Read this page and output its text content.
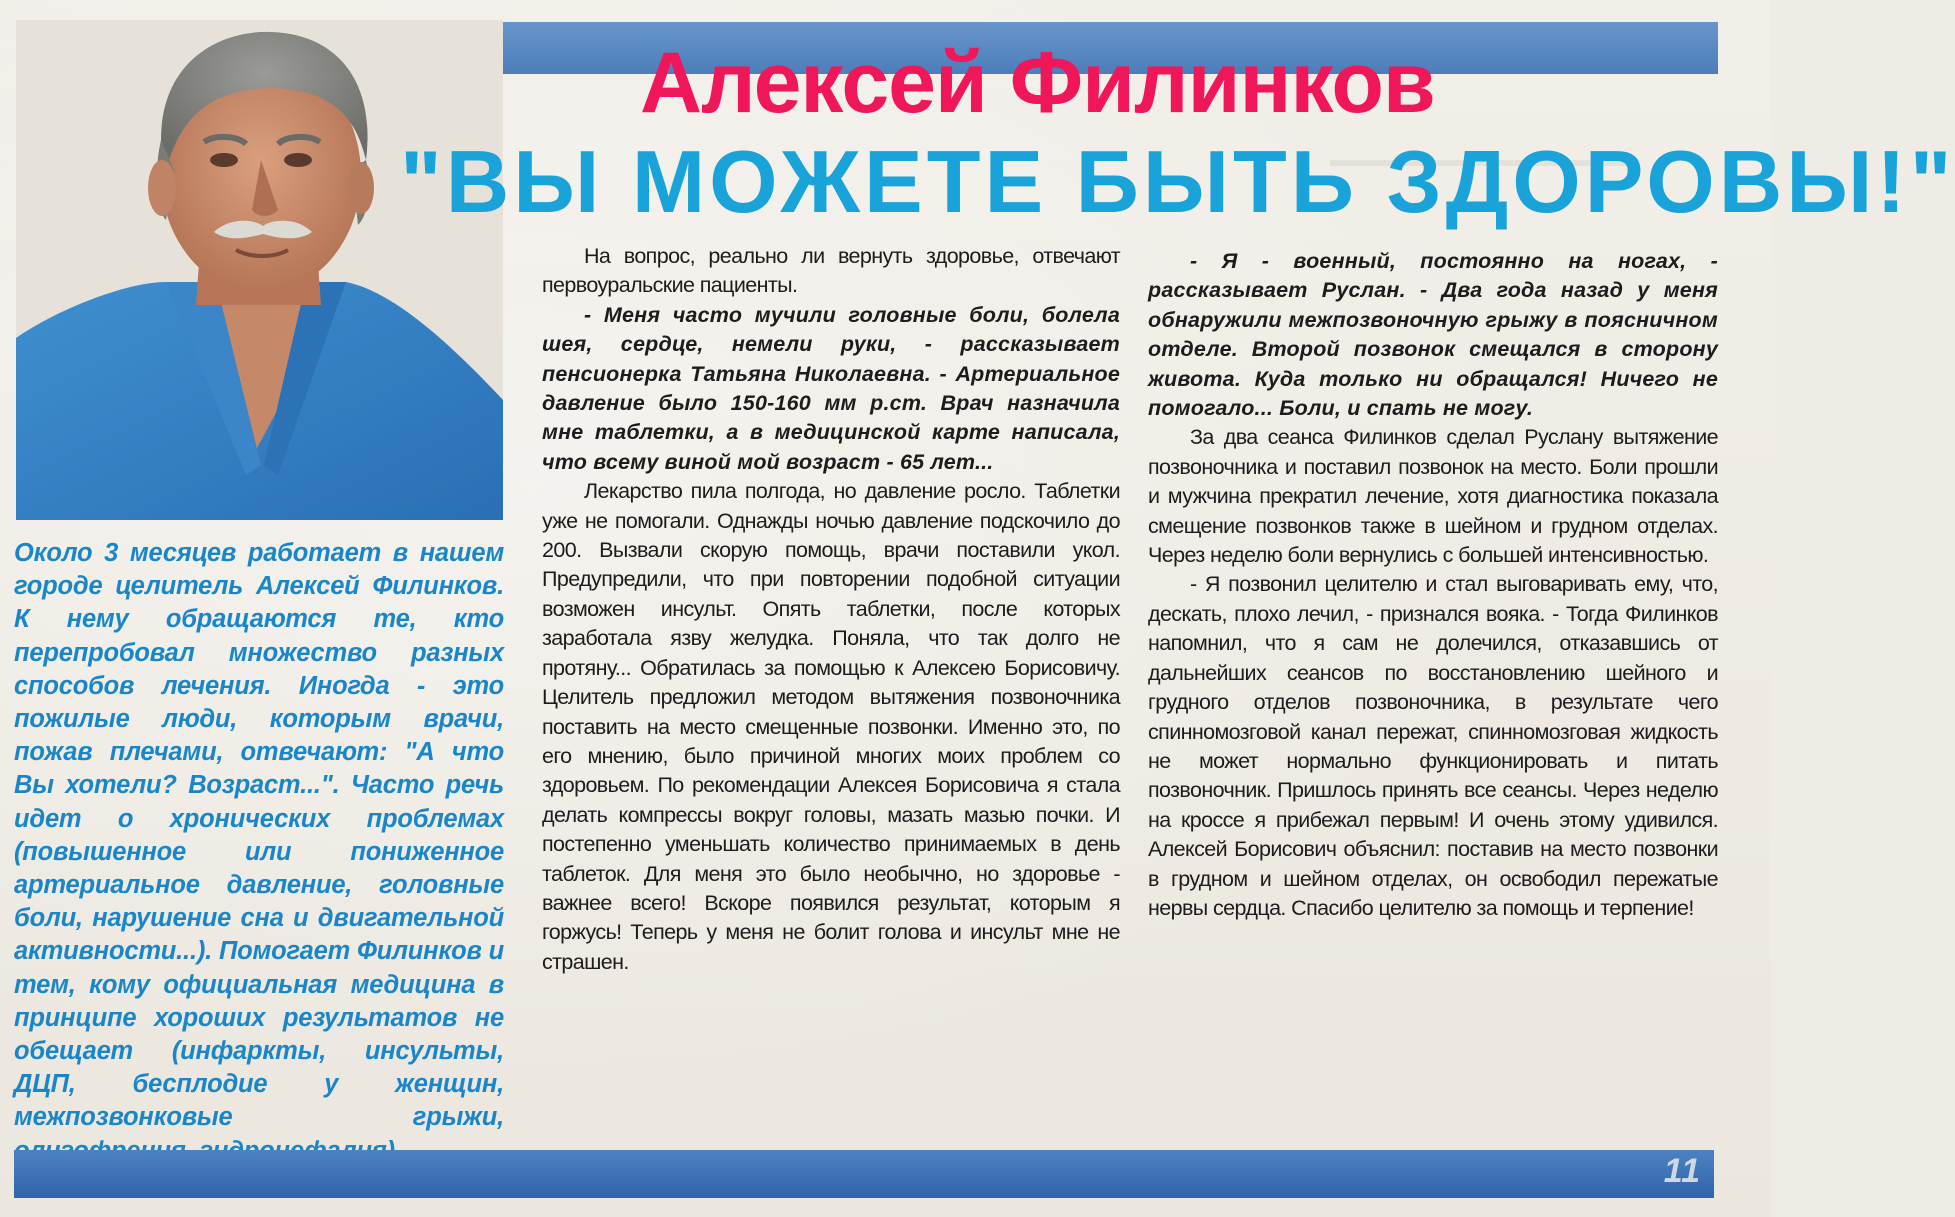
Алексей Филинков
"ВЫ МОЖЕТЕ БЫТЬ ЗДОРОВЫ!"
Около 3 месяцев работает в нашем городе целитель Алексей Филинков. К нему обращаются те, кто перепробовал множество разных способов лечения. Иногда - это пожилые люди, которым врачи, пожав плечами, отвечают: "А что Вы хотели? Возраст...". Часто речь идет о хронических проблемах (повышенное или пониженное артериальное давление, головные боли, нарушение сна и двигательной активности...). Помогает Филинков и тем, кому официальная медицина в принципе хороших результатов не обещает (инфаркты, инсульты, ДЦП, бесплодие у женщин, межпозвонковые грыжи,

На вопрос, реально ли вернуть здоровье, отвечают первоуральские пациенты.

- Меня часто мучили головные боли, болела шея, сердце, немели руки, - рассказывает пенсионерка Татьяна Николаевна. - Артериальное давление было 150-160 мм р.ст. Врач назначила мне таблетки, а в медицинской карте написала, что всему виной мой возраст - 65 лет...

Лекарство пила полгода, но давление росло. Таблетки уже не помогали. Однажды ночью давление подскочило до 200. Вызвали скорую помощь, врачи поставили укол. Предупредили, что при повторении подобной ситуации возможен инсульт. Опять таблетки, после которых заработала язву желудка. Поняла, что так долго не протяну... Обратилась за помощью к Алексею Борисовичу. Целитель предложил методом вытяжения позвоночника поставить на место смещенные позвонки. Именно это, по его мнению, было причиной многих моих проблем со здоровьем. По рекомендации Алексея Борисовича я стала делать компрессы вокруг головы, мазать мазью почки. И постепенно уменьшать количество принимаемых в день таблеток. Для меня это было необычно, но здоровье - важнее всего! Вскоре появился результат, которым я горжусь! Теперь у меня не болит голова и инсульт мне не страшен.

- Я - военный, постоянно на ногах, - рассказывает Руслан. - Два года назад у меня обнаружили межпозвоночную грыжу в поясничном отделе. Второй позвонок смещался в сторону живота. Куда только ни обращался! Ничего не помогало... Боли, и спать не могу.

За два сеанса Филинков сделал Руслану вытяжение позвоночника и поставил позвонок на место. Боли прошли и мужчина прекратил лечение, хотя диагностика показала смещение позвонков также в шейном и грудном отделах. Через неделю боли вернулись с большей интенсивностью.

- Я позвонил целителю и стал выговаривать ему, что, дескать, плохо лечил, - признался вояка. - Тогда Филинков напомнил, что я сам не долечился, отказавшись от дальнейших сеансов по восстановлению шейного и грудного отделов позвоночника, в результате чего спинномозговой канал пережат, спинномозговая жидкость не может нормально функционировать и питать позвоночник. Пришлось принять все сеансы. Через неделю на кроссе я прибежал первым! И очень этому удивился. Алексей Борисович объяснил: поставив на место позвонки в грудном и шейном отделах, он освободил пережатые нервы сердца. Спасибо целителю за помощь и терпение!

11
